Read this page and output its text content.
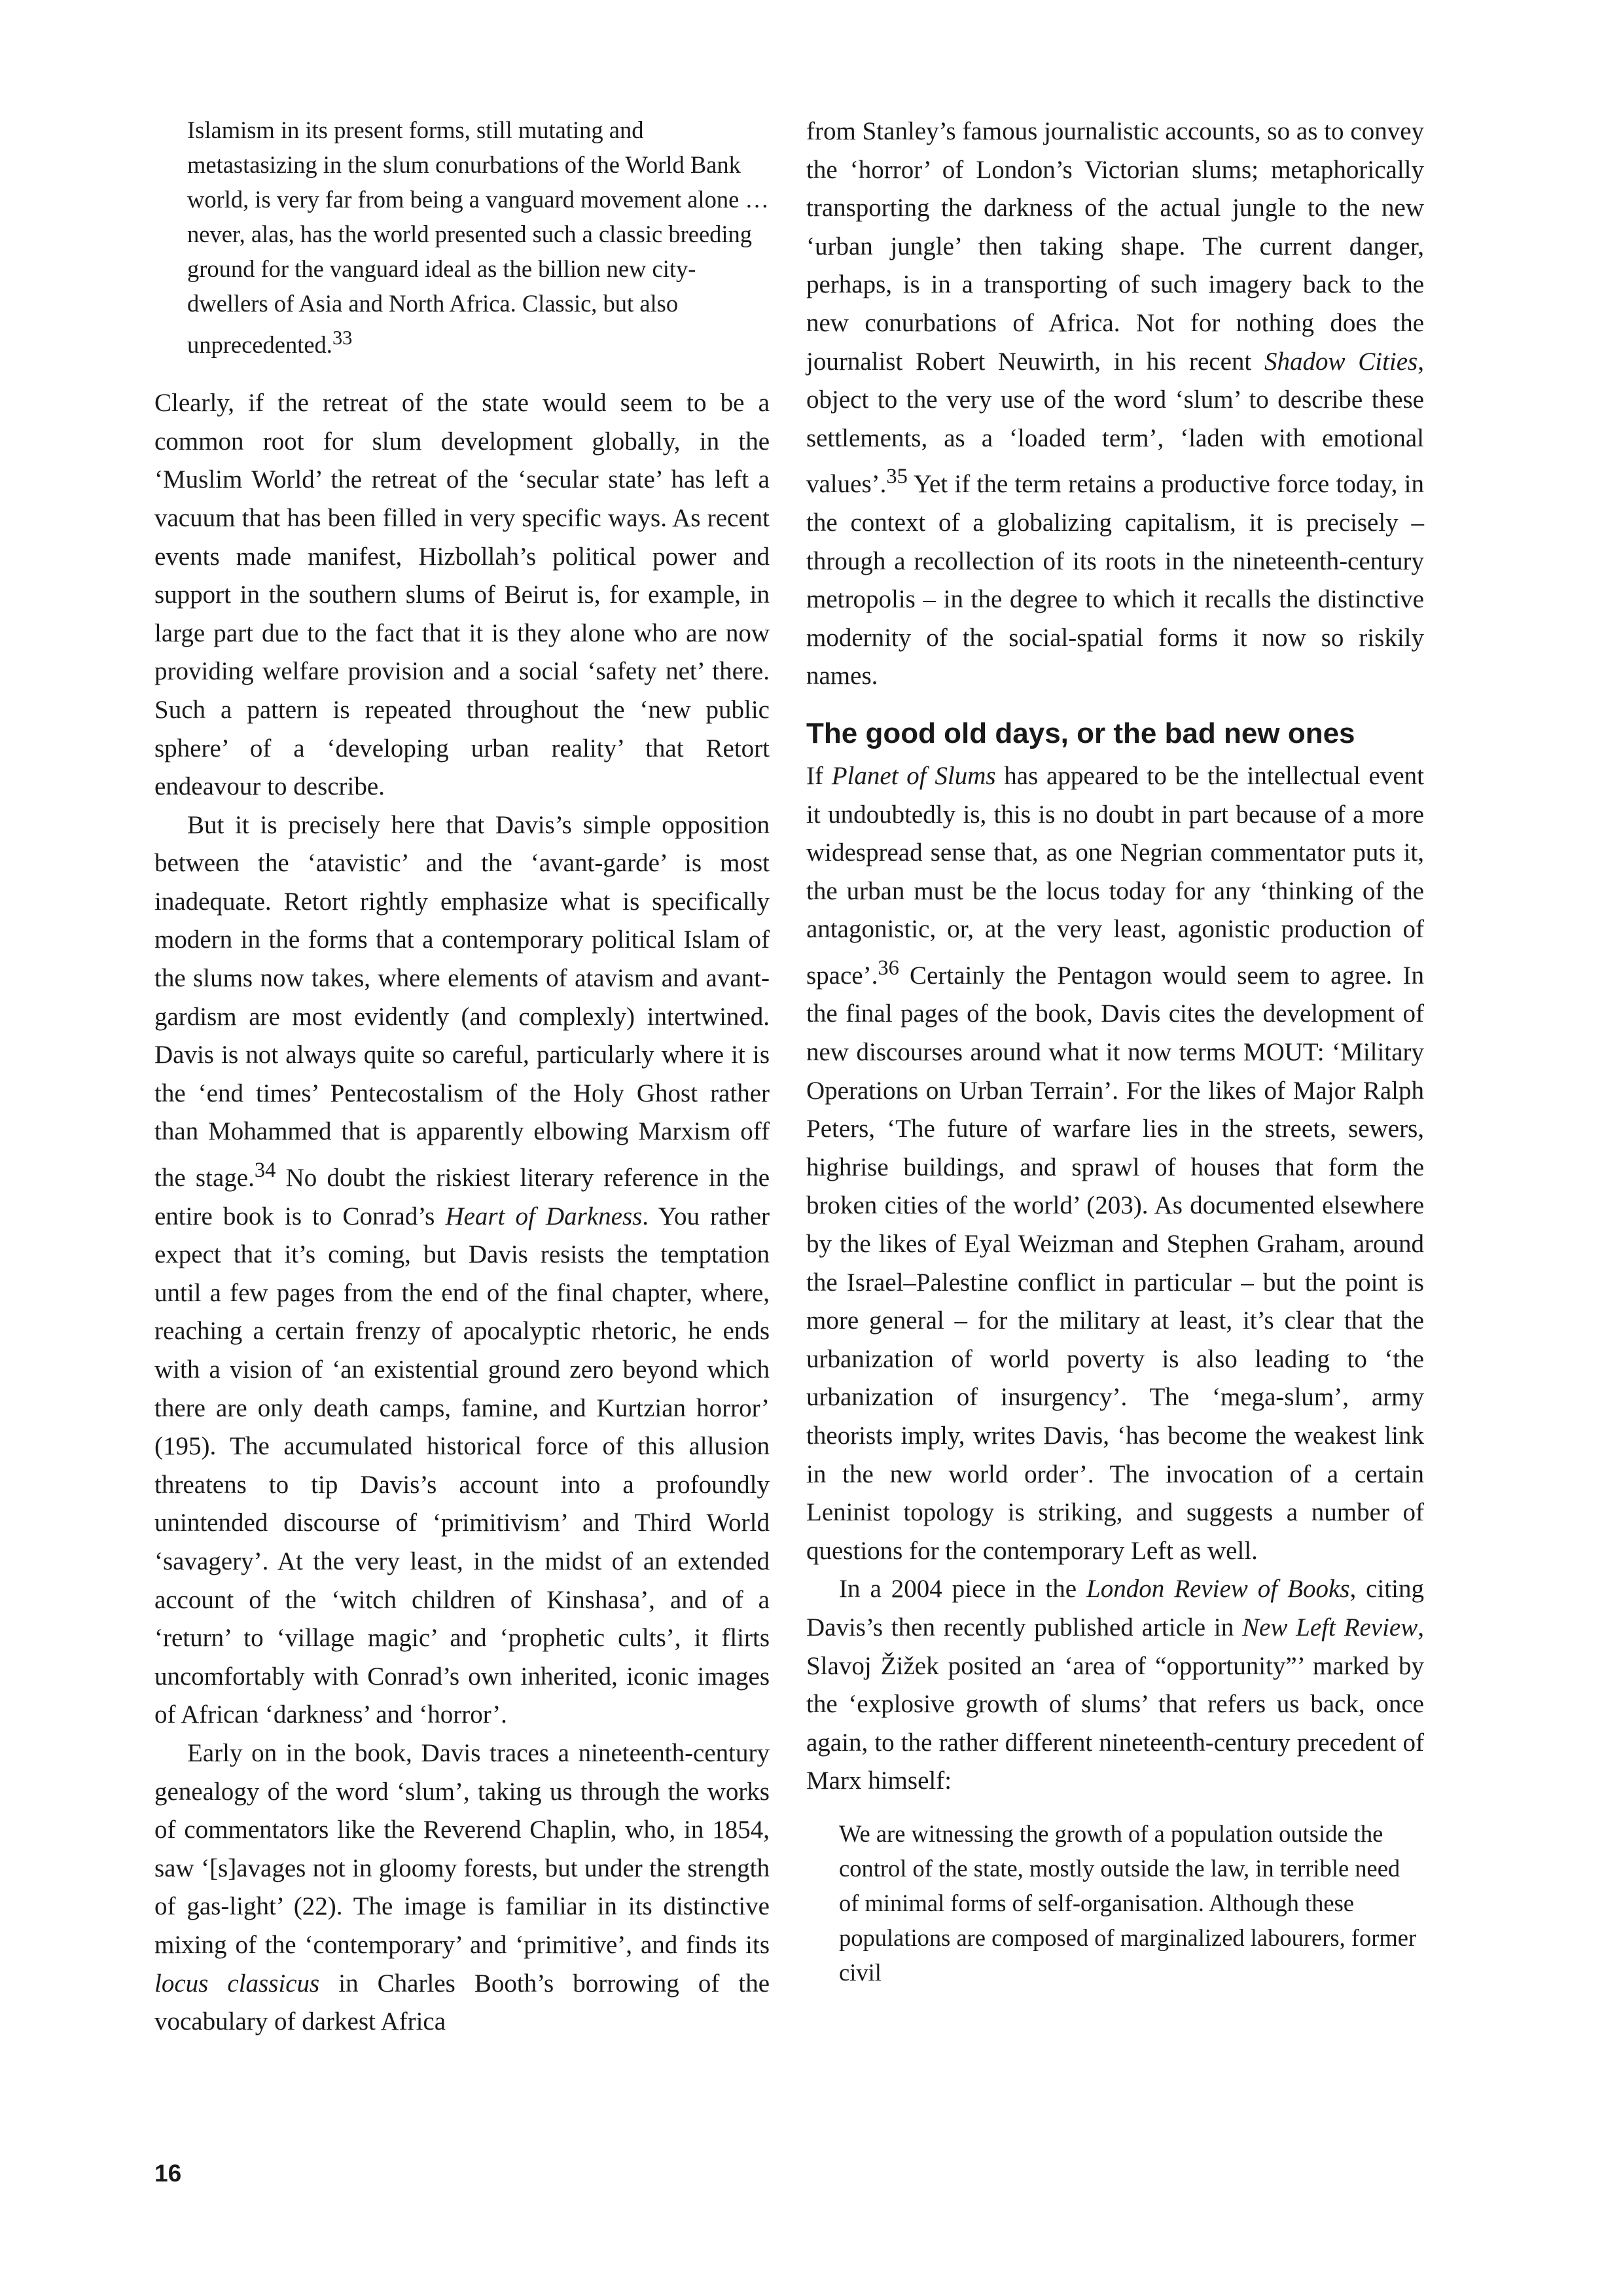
Islamism in its present forms, still mutating and metastasizing in the slum conurbations of the World Bank world, is very far from being a vanguard movement alone … never, alas, has the world presented such a classic breeding ground for the vanguard ideal as the billion new city-dwellers of Asia and North Africa. Classic, but also unprecedented.$^{33}$

Clearly, if the retreat of the state would seem to be a common root for slum development globally, in the ‘Muslim World’ the retreat of the ‘secular state’ has left a vacuum that has been filled in very specific ways. As recent events made manifest, Hizbollah’s political power and support in the southern slums of Beirut is, for example, in large part due to the fact that it is they alone who are now providing welfare provision and a social ‘safety net’ there. Such a pattern is repeated throughout the ‘new public sphere’ of a ‘developing urban reality’ that Retort endeavour to describe.

But it is precisely here that Davis’s simple opposition between the ‘atavistic’ and the ‘avant-garde’ is most inadequate. Retort rightly emphasize what is specifically modern in the forms that a contemporary political Islam of the slums now takes, where elements of atavism and avant-gardism are most evidently (and complexly) intertwined. Davis is not always quite so careful, particularly where it is the ‘end times’ Pentecostalism of the Holy Ghost rather than Mohammed that is apparently elbowing Marxism off the stage.$^{34}$ No doubt the riskiest literary reference in the entire book is to Conrad’s Heart of Darkness. You rather expect that it’s coming, but Davis resists the temptation until a few pages from the end of the final chapter, where, reaching a certain frenzy of apocalyptic rhetoric, he ends with a vision of ‘an existential ground zero beyond which there are only death camps, famine, and Kurtzian horror’ (195). The accumulated historical force of this allusion threatens to tip Davis’s account into a profoundly unintended discourse of ‘primitivism’ and Third World ‘savagery’. At the very least, in the midst of an extended account of the ‘witch children of Kinshasa’, and of a ‘return’ to ‘village magic’ and ‘prophetic cults’, it flirts uncomfortably with Conrad’s own inherited, iconic images of African ‘darkness’ and ‘horror’.

Early on in the book, Davis traces a nineteenth-century genealogy of the word ‘slum’, taking us through the works of commentators like the Reverend Chaplin, who, in 1854, saw ‘[s]avages not in gloomy forests, but under the strength of gas-light’ (22). The image is familiar in its distinctive mixing of the ‘contemporary’ and ‘primitive’, and finds its locus classicus in Charles Booth’s borrowing of the vocabulary of darkest Africa

from Stanley’s famous journalistic accounts, so as to convey the ‘horror’ of London’s Victorian slums; metaphorically transporting the darkness of the actual jungle to the new ‘urban jungle’ then taking shape. The current danger, perhaps, is in a transporting of such imagery back to the new conurbations of Africa. Not for nothing does the journalist Robert Neuwirth, in his recent Shadow Cities, object to the very use of the word ‘slum’ to describe these settlements, as a ‘loaded term’, ‘laden with emotional values’.$^{35}$ Yet if the term retains a productive force today, in the context of a globalizing capitalism, it is precisely – through a recollection of its roots in the nineteenth-century metropolis – in the degree to which it recalls the distinctive modernity of the social-spatial forms it now so riskily names.

The good old days, or the bad new ones

If Planet of Slums has appeared to be the intellectual event it undoubtedly is, this is no doubt in part because of a more widespread sense that, as one Negrian commentator puts it, the urban must be the locus today for any ‘thinking of the antagonistic, or, at the very least, agonistic production of space’.$^{36}$ Certainly the Pentagon would seem to agree. In the final pages of the book, Davis cites the development of new discourses around what it now terms MOUT: ‘Military Operations on Urban Terrain’. For the likes of Major Ralph Peters, ‘The future of warfare lies in the streets, sewers, highrise buildings, and sprawl of houses that form the broken cities of the world’ (203). As documented elsewhere by the likes of Eyal Weizman and Stephen Graham, around the Israel–Palestine conflict in particular – but the point is more general – for the military at least, it’s clear that the urbanization of world poverty is also leading to ‘the urbanization of insurgency’. The ‘mega-slum’, army theorists imply, writes Davis, ‘has become the weakest link in the new world order’. The invocation of a certain Leninist topology is striking, and suggests a number of questions for the contemporary Left as well.

In a 2004 piece in the London Review of Books, citing Davis’s then recently published article in New Left Review, Slavoj Žižek posited an ‘area of “opportunity”’ marked by the ‘explosive growth of slums’ that refers us back, once again, to the rather different nineteenth-century precedent of Marx himself:

We are witnessing the growth of a population outside the control of the state, mostly outside the law, in terrible need of minimal forms of self-organisation. Although these populations are composed of marginalized labourers, former civil

16
